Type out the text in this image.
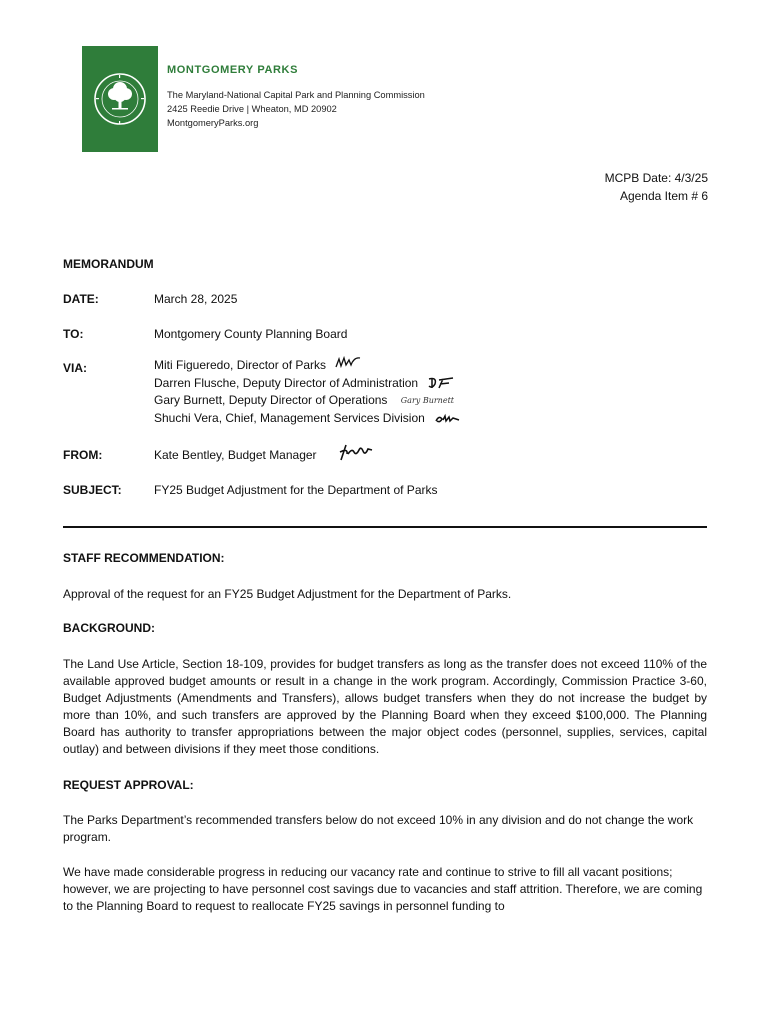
MONTGOMERY PARKS
The Maryland-National Capital Park and Planning Commission
2425 Reedie Drive | Wheaton, MD 20902
MontgomeryParks.org
MCPB Date: 4/3/25
Agenda Item # 6
MEMORANDUM
DATE:	March 28, 2025
TO:	Montgomery County Planning Board
VIA:	Miti Figueredo, Director of Parks
Darren Flusche, Deputy Director of Administration
Gary Burnett, Deputy Director of Operations Gary Burnett
Shuchi Vera, Chief, Management Services Division
FROM:	Kate Bentley, Budget Manager
SUBJECT:	FY25 Budget Adjustment for the Department of Parks
STAFF RECOMMENDATION:

Approval of the request for an FY25 Budget Adjustment for the Department of Parks.

BACKGROUND:

The Land Use Article, Section 18-109, provides for budget transfers as long as the transfer does not exceed 110% of the available approved budget amounts or result in a change in the work program. Accordingly, Commission Practice 3-60, Budget Adjustments (Amendments and Transfers), allows budget transfers when they do not increase the budget by more than 10%, and such transfers are approved by the Planning Board when they exceed $100,000. The Planning Board has authority to transfer appropriations between the major object codes (personnel, supplies, services, capital outlay) and between divisions if they meet those conditions.

REQUEST APPROVAL:

The Parks Department’s recommended transfers below do not exceed 10% in any division and do not change the work program.

We have made considerable progress in reducing our vacancy rate and continue to strive to fill all vacant positions; however, we are projecting to have personnel cost savings due to vacancies and staff attrition. Therefore, we are coming to the Planning Board to request to reallocate FY25 savings in personnel funding to
